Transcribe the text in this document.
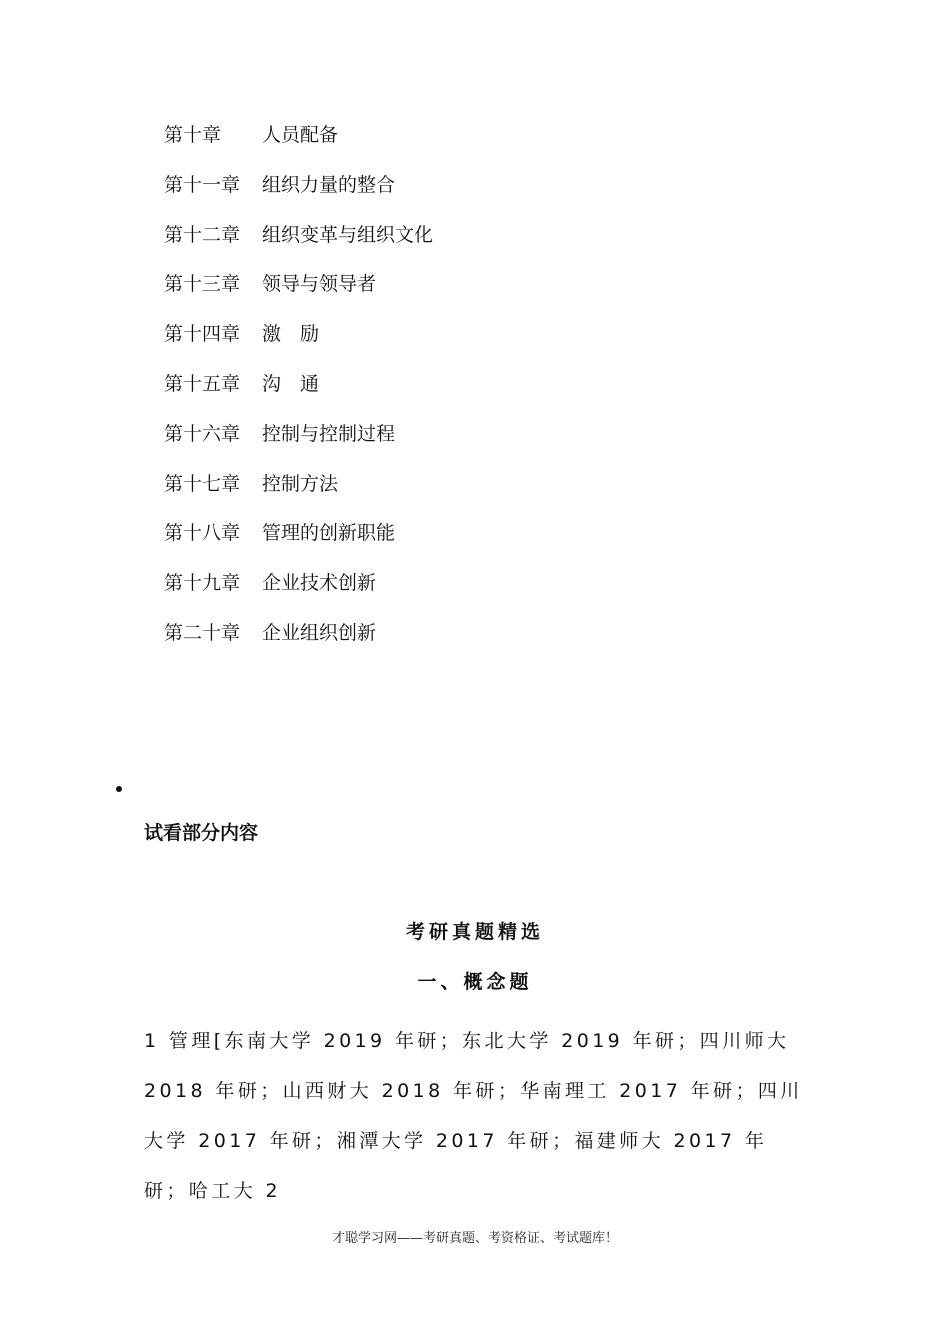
第十章 人员配备
第十一章 组织力量的整合
第十二章 组织变革与组织文化
第十三章 领导与领导者
第十四章 激　励
第十五章 沟　通
第十六章 控制与控制过程
第十七章 控制方法
第十八章 管理的创新职能
第十九章 企业技术创新
第二十章 企业组织创新

试看部分内容

考研真题精选

一、概念题

1 管理[东南大学 2019 年研；东北大学 2019 年研；四川师大 2018 年研；山西财大 2018 年研；华南理工 2017 年研；四川大学 2017 年研；湘潭大学 2017 年研；福建师大 2017 年研；哈工大 2

才聪学习网——考研真题、考资格证、考试题库！
